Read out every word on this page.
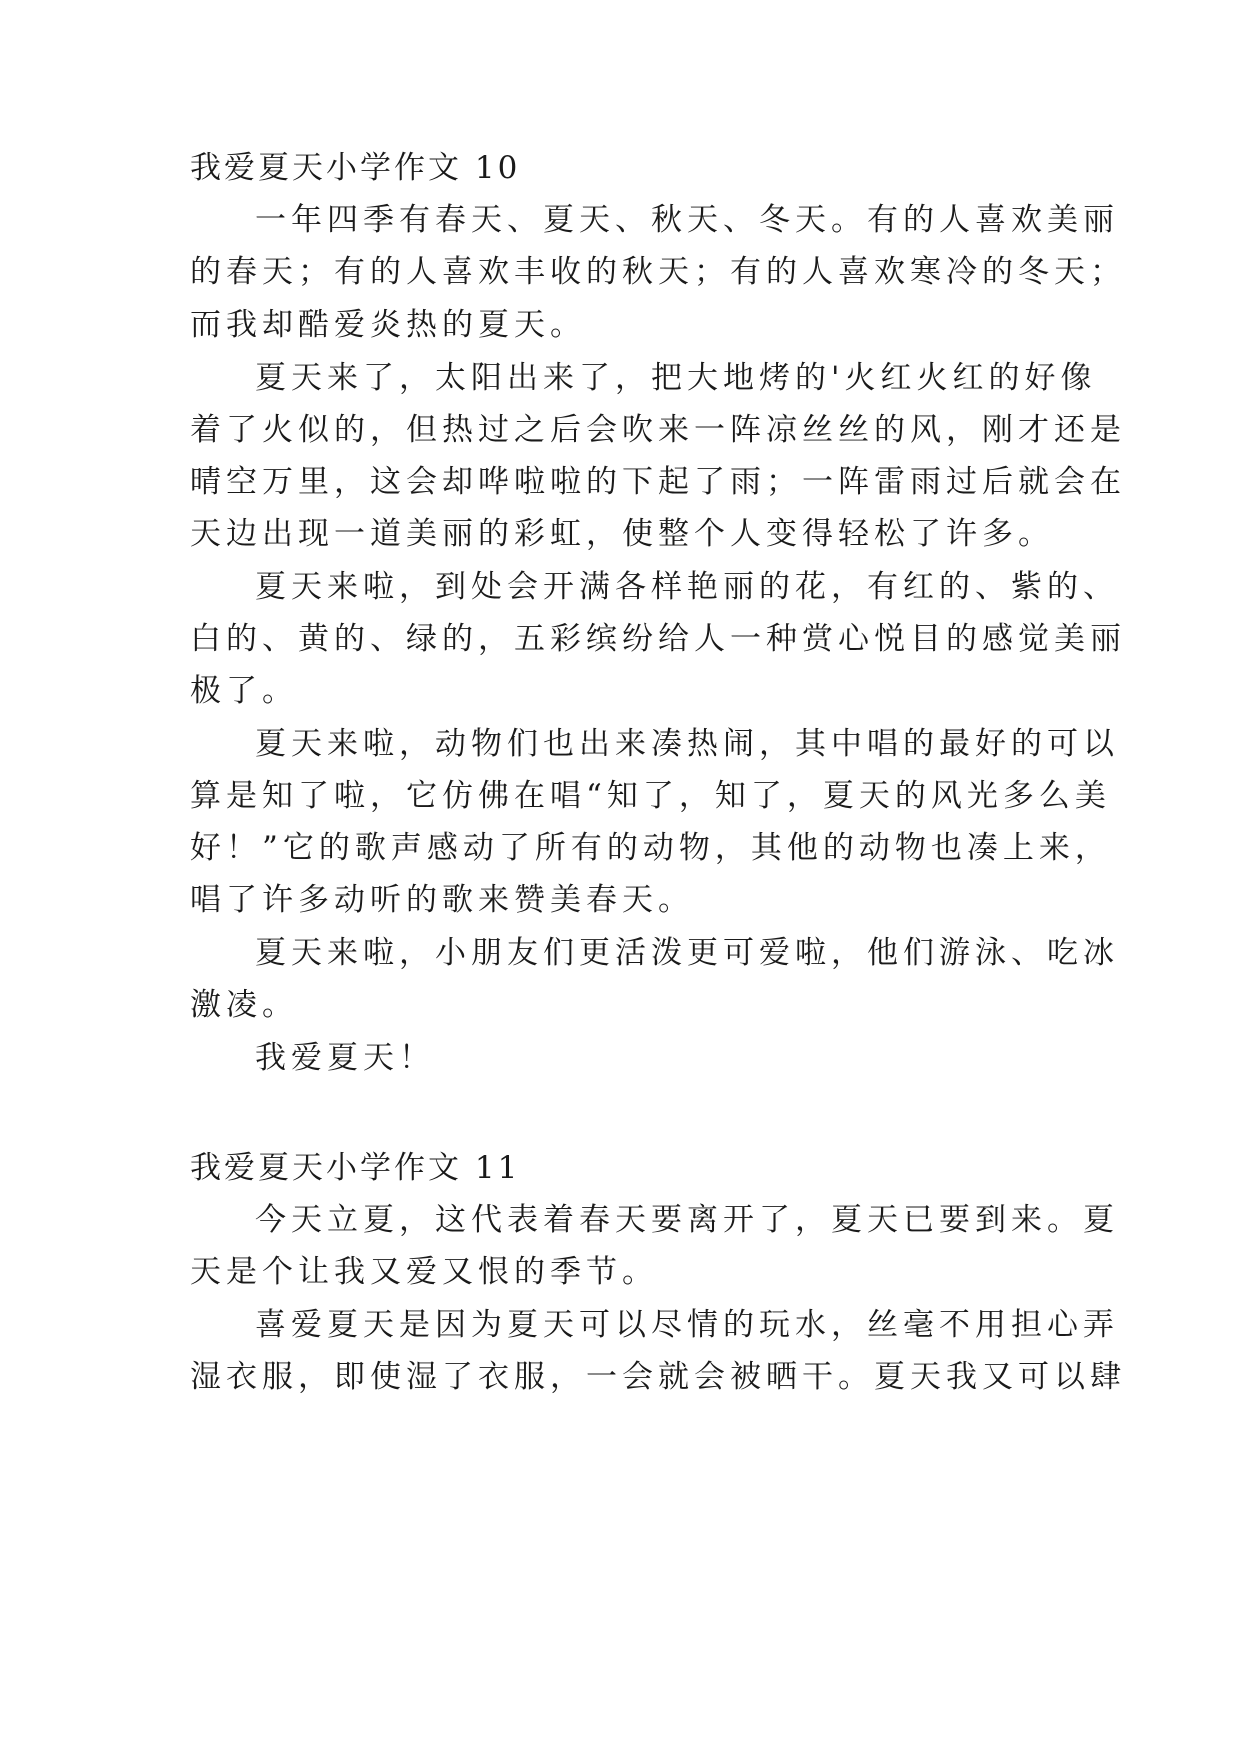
我爱夏天小学作文 10
一年四季有春天、夏天、秋天、冬天。有的人喜欢美丽
的春天；有的人喜欢丰收的秋天；有的人喜欢寒冷的冬天；
而我却酷爱炎热的夏天。
夏天来了，太阳出来了，把大地烤的'火红火红的好像
着了火似的，但热过之后会吹来一阵凉丝丝的风，刚才还是
晴空万里，这会却哗啦啦的下起了雨；一阵雷雨过后就会在
天边出现一道美丽的彩虹，使整个人变得轻松了许多。
夏天来啦，到处会开满各样艳丽的花，有红的、紫的、
白的、黄的、绿的，五彩缤纷给人一种赏心悦目的感觉美丽
极了。
夏天来啦，动物们也出来凑热闹，其中唱的最好的可以
算是知了啦，它仿佛在唱“知了，知了，夏天的风光多么美
好！”它的歌声感动了所有的动物，其他的动物也凑上来，
唱了许多动听的歌来赞美春天。
夏天来啦，小朋友们更活泼更可爱啦，他们游泳、吃冰
激凌。
我爱夏天！
我爱夏天小学作文 11
今天立夏，这代表着春天要离开了，夏天已要到来。夏
天是个让我又爱又恨的季节。
喜爱夏天是因为夏天可以尽情的玩水，丝毫不用担心弄
湿衣服，即使湿了衣服，一会就会被晒干。夏天我又可以肆
